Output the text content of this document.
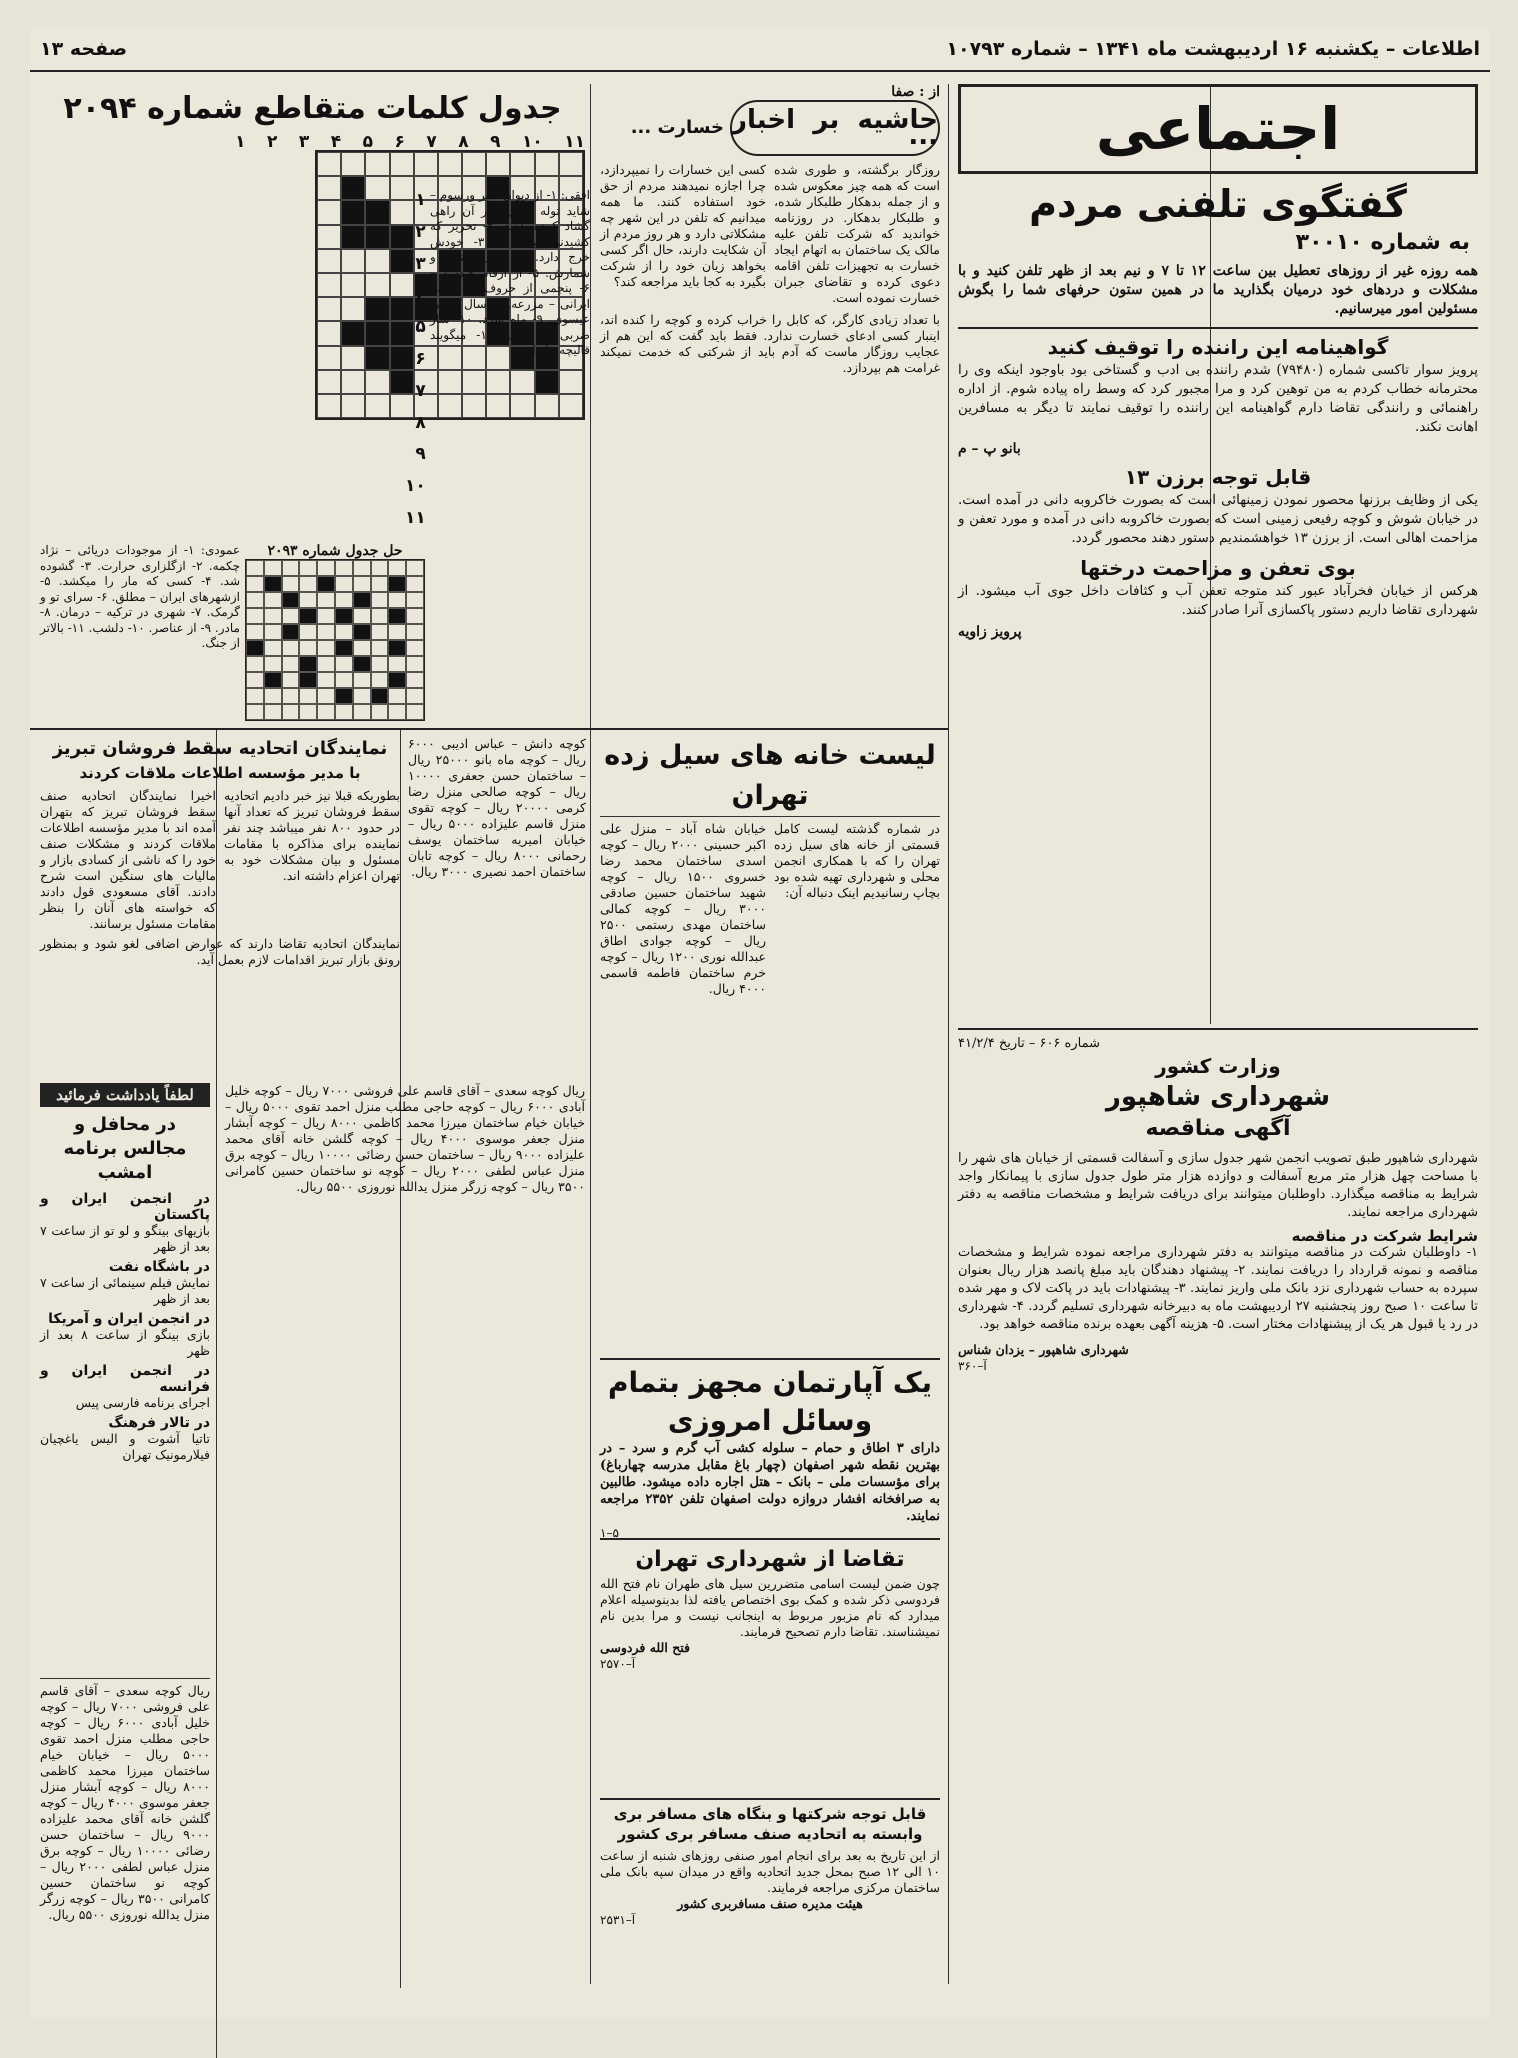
اطلاعات – یکشنبه ۱۶ اردیبهشت ماه ۱۳۴۱ – شماره ۱۰۷۹۳
صفحه ۱۳
اجتماعی
گفتگوی تلفنی مردم
به شماره ۳۰۰۱۰
همه روزه غیر از روزهای تعطیل بین ساعت ۱۲ تا ۷ و نیم بعد از ظهر تلفن کنید و با مشکلات و دردهای خود درمیان بگذارید ما در همین ستون حرفهای شما را بگوش مسئولین امور میرسانیم.
گواهینامه این راننده را توقیف کنید
پرویز سوار تاکسی شماره (۷۹۴۸۰) شدم راننده بی ادب و گستاخی بود باوجود اینکه وی را محترمانه خطاب کردم به من توهین کرد و مرا مجبور کرد که وسط راه پیاده شوم. از اداره راهنمائی و رانندگی تقاضا دارم گواهینامه این راننده را توقیف نمایند تا دیگر به مسافرین اهانت نکند.
بانو پ – م
قابل توجه برزن ۱۳
یکی از وظایف برزنها محصور نمودن زمینهائی است که بصورت خاکروبه دانی در آمده است. در خیابان شوش و کوچه رفیعی زمینی است که بصورت خاکروبه دانی در آمده و مورد تعفن و مزاحمت اهالی است. از برزن ۱۳ خواهشمندیم دستور دهند محصور گردد.
بوی تعفن و مزاحمت درختها
هرکس از خیابان فخرآباد عبور کند متوجه تعفن آب و کثافات داخل جوی آب میشود. از شهرداری تقاضا داریم دستور پاکسازی آنرا صادر کنند.
پرویز زاویه
از : صفا
حاشیه بر اخبار ...
خسارت ...
روزگار برگشته، و طوری شده است که همه چیز معکوس شده و از جمله بدهکار طلبکار شده، و طلبکار بدهکار. در روزنامه خواندید که شرکت تلفن علیه مالک یک ساختمان به اتهام ایجاد خسارت به تجهیزات تلفن اقامه دعوی کرده و تقاضای جبران خسارت نموده است.
کسی این خسارات را نمیپردازد، چرا اجازه نمیدهند مردم از حق خود استفاده کنند. ما همه میدانیم که تلفن در این شهر چه مشکلاتی دارد و هر روز مردم از آن شکایت دارند، حال اگر کسی بخواهد زیان خود را از شرکت بگیرد به کجا باید مراجعه کند؟
با تعداد زیادی کارگر، که کابل را خراب کرده و کوچه را کنده اند، اینبار کسی ادعای خسارت ندارد. فقط باید گفت که این هم از عجایب روزگار ماست که آدم باید از شرکتی که خدمت نمیکند غرامت هم بپردازد.
جدول کلمات متقاطع شماره ۲۰۹۴
۱۱
۱۰
۹
۸
۷
۶
۵
۴
۳
۲
۱
افقی: ۱- از دیوان امیر ورسوم – شاید توله کشی کنار آن راهی گشاد کرده باشد. ۲- تحریر که کشیدنی نیست – ۳- خودش خرج دارد. ۴- برای کنترل و شمارش. ۵- از ارقام هندسه – ۶- پنجمی از حروف. ۷- کتاب ایرانی – مزرعه. ۸- سال کنونی عیسوی. ۹- ماه سرد. ۱۰- ساز ضربی – بزرگ. ۱۱- میگویند قالیچه ما را.
۱
۲
۳
۴
۵
۶
۷
۸
۹
۱۰
۱۱
حل جدول شماره ۲۰۹۳
عمودی: ۱- از موجودات دریائی – نژاد چکمه. ۲- ازگلزاری حرارت. ۳- گشوده شد. ۴- کسی که مار را میکشد. ۵- ازشهرهای ایران – مطلق. ۶- سرای تو و گرمک. ۷- شهری در ترکیه – درمان. ۸- مادر. ۹- از عناصر. ۱۰- دلشب. ۱۱- بالاتر از جنگ.
لیست خانه های سیل زده تهران
در شماره گذشته لیست کامل قسمتی از خانه های سیل زده تهران را که با همکاری انجمن محلی و شهرداری تهیه شده بود بچاپ رسانیدیم اینک دنباله آن:
خیابان شاه آباد – منزل علی اکبر حسینی ۲۰۰۰ ریال – کوچه اسدی ساختمان محمد رضا خسروی ۱۵۰۰ ریال – کوچه شهید ساختمان حسین صادقی ۳۰۰۰ ریال – کوچه کمالی ساختمان مهدی رستمی ۲۵۰۰ ریال – کوچه جوادی اطاق عبدالله نوری ۱۲۰۰ ریال – کوچه خرم ساختمان فاطمه قاسمی ۴۰۰۰ ریال.
کوچه دانش – عباس ادیبی ۶۰۰۰ ریال – کوچه ماه بانو ۲۵۰۰۰ ریال – ساختمان حسن جعفری ۱۰۰۰۰ ریال – کوچه صالحی منزل رضا کرمی ۲۰۰۰۰ ریال – کوچه تقوی منزل قاسم علیزاده ۵۰۰۰ ریال – خیابان امیریه ساختمان یوسف رحمانی ۸۰۰۰ ریال – کوچه تابان ساختمان احمد نصیری ۳۰۰۰ ریال.
یک آپارتمان مجهز بتمام وسائل امروزی
دارای ۳ اطاق و حمام – سلوله کشی آب گرم و سرد – در بهترین نقطه شهر اصفهان (چهار باغ مقابل مدرسه چهارباغ) برای مؤسسات ملی – بانک – هتل اجاره داده میشود. طالبین به صرافخانه افشار دروازه دولت اصفهان تلفن ۲۳۵۲ مراجعه نمایند.
۵–۱
تقاضا از شهرداری تهران
چون ضمن لیست اسامی متضررین سیل های طهران نام فتح الله فردوسی ذکر شده و کمک بوی اختصاص یافته لذا بدینوسیله اعلام میدارد که نام مزبور مربوط به اینجانب نیست و مرا بدین نام نمیشناسند. تقاضا دارم تصحیح فرمایند.
فتح الله فردوسی
آ–۲۵۷۰
قابل توجه شرکتها و بنگاه های مسافر بری وابسته به اتحادیه صنف مسافر بری کشور
از این تاریخ به بعد برای انجام امور صنفی روزهای شنبه از ساعت ۱۰ الی ۱۲ صبح بمحل جدید اتحادیه واقع در میدان سپه بانک ملی ساختمان مرکزی مراجعه فرمایند.
هیئت مدیره صنف مسافربری کشور
آ–۲۵۳۱
نمایندگان اتحادیه سقط فروشان تبریز
با مدیر مؤسسه اطلاعات ملاقات کردند
بطوریکه قبلا نیز خبر دادیم اتحادیه سقط فروشان تبریز که تعداد آنها در حدود ۸۰۰ نفر میباشد چند نفر نماینده برای مذاکره با مقامات مسئول و بیان مشکلات خود به تهران اعزام داشته اند.
اخیرا نمایندگان اتحادیه صنف سقط فروشان تبریز که بتهران آمده اند با مدیر مؤسسه اطلاعات ملاقات کردند و مشکلات صنف خود را که ناشی از کسادی بازار و مالیات های سنگین است شرح دادند. آقای مسعودی قول دادند که خواسته های آنان را بنظر مقامات مسئول برسانند.
نمایندگان اتحادیه تقاضا دارند که عوارض اضافی لغو شود و بمنظور رونق بازار تبریز اقدامات لازم بعمل آید.
لطفاً یادداشت فرمائید
در محافل و مجالس برنامه امشب
در انجمن ایران و پاکستان
بازیهای بینگو و لو تو از ساعت ۷ بعد از ظهر
در باشگاه نفت
نمایش فیلم سینمائی از ساعت ۷ بعد از ظهر
در انجمن ایران و آمریکا
بازی بینگو از ساعت ۸ بعد از ظهر
در انجمن ایران و فرانسه
اجرای برنامه فارسی پیس
در تالار فرهنگ
تاتیا آشوت و الیس یاغچیان فیلارمونیک تهران
ریال کوچه سعدی – آقای قاسم علی فروشی ۷۰۰۰ ریال – کوچه خلیل آبادی ۶۰۰۰ ریال – کوچه حاجی مطلب منزل احمد تقوی ۵۰۰۰ ریال – خیابان خیام ساختمان میرزا محمد کاظمی ۸۰۰۰ ریال – کوچه آبشار منزل جعفر موسوی ۴۰۰۰ ریال – کوچه گلشن خانه آقای محمد علیزاده ۹۰۰۰ ریال – ساختمان حسن رضائی ۱۰۰۰۰ ریال – کوچه برق منزل عباس لطفی ۲۰۰۰ ریال – کوچه نو ساختمان حسین کامرانی ۳۵۰۰ ریال – کوچه زرگر منزل یدالله نوروزی ۵۵۰۰ ریال.
ریال کوچه سعدی – آقای قاسم علی فروشی ۷۰۰۰ ریال – کوچه خلیل آبادی ۶۰۰۰ ریال – کوچه حاجی مطلب منزل احمد تقوی ۵۰۰۰ ریال – خیابان خیام ساختمان میرزا محمد کاظمی ۸۰۰۰ ریال – کوچه آبشار منزل جعفر موسوی ۴۰۰۰ ریال – کوچه گلشن خانه آقای محمد علیزاده ۹۰۰۰ ریال – ساختمان حسن رضائی ۱۰۰۰۰ ریال – کوچه برق منزل عباس لطفی ۲۰۰۰ ریال – کوچه نو ساختمان حسین کامرانی ۳۵۰۰ ریال – کوچه زرگر منزل یدالله نوروزی ۵۵۰۰ ریال.
شماره ۶۰۶ – تاریخ ۴۱/۲/۴
وزارت کشور
شهرداری شاهپور
آگهی مناقصه
شهرداری شاهپور طبق تصویب انجمن شهر جدول سازی و آسفالت قسمتی از خیابان های شهر را با مساحت چهل هزار متر مربع آسفالت و دوازده هزار متر طول جدول سازی با پیمانکار واجد شرایط به مناقصه میگذارد. داوطلبان میتوانند برای دریافت شرایط و مشخصات مناقصه به دفتر شهرداری مراجعه نمایند.
شرایط شرکت در مناقصه
۱- داوطلبان شرکت در مناقصه میتوانند به دفتر شهرداری مراجعه نموده شرایط و مشخصات مناقصه و نمونه قرارداد را دریافت نمایند. ۲- پیشنهاد دهندگان باید مبلغ پانصد هزار ریال بعنوان سپرده به حساب شهرداری نزد بانک ملی واریز نمایند. ۳- پیشنهادات باید در پاکت لاک و مهر شده تا ساعت ۱۰ صبح روز پنجشنبه ۲۷ اردیبهشت ماه به دبیرخانه شهرداری تسلیم گردد. ۴- شهرداری در رد یا قبول هر یک از پیشنهادات مختار است. ۵- هزینه آگهی بعهده برنده مناقصه خواهد بود.
شهرداری شاهپور – یزدان شناس
آ–۳۶۰
